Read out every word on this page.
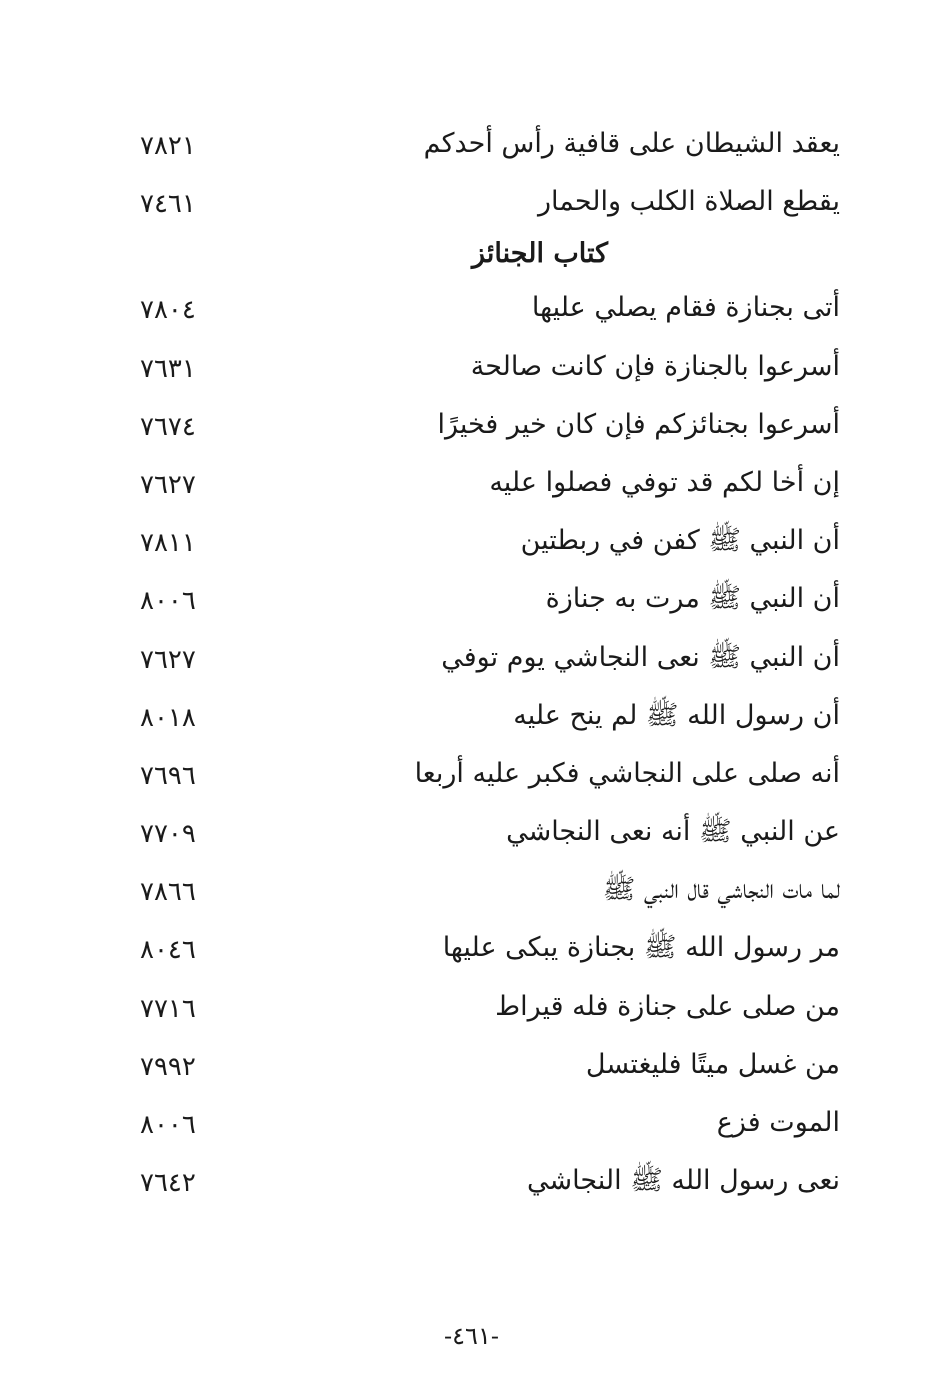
يعقد الشيطان على قافية رأس أحدكم
٧٨٢١
يقطع الصلاة الكلب والحمار
٧٤٦١
كتاب الجنائز
أتى بجنازة فقام يصلي عليها
٧٨٠٤
أسرعوا بالجنازة فإن كانت صالحة
٧٦٣١
أسرعوا بجنائزكم فإن كان خير فخيرًا
٧٦٧٤
إن أخا لكم قد توفي فصلوا عليه
٧٦٢٧
أن النبي ﷺ كفن في ربطتين
٧٨١١
أن النبي ﷺ مرت به جنازة
٨٠٠٦
أن النبي ﷺ نعى النجاشي يوم توفي
٧٦٢٧
أن رسول الله ﷺ لم ينح عليه
٨٠١٨
أنه صلى على النجاشي فكبر عليه أربعا
٧٦٩٦
عن النبي ﷺ أنه نعى النجاشي
٧٧٠٩
لما مات النجاشي قال النبي ﷺ
٧٨٦٦
مر رسول الله ﷺ بجنازة يبكى عليها
٨٠٤٦
من صلى على جنازة فله قيراط
٧٧١٦
من غسل ميتًا فليغتسل
٧٩٩٢
الموت فزع
٨٠٠٦
نعى رسول الله ﷺ النجاشي
٧٦٤٢
-٤٦١-
